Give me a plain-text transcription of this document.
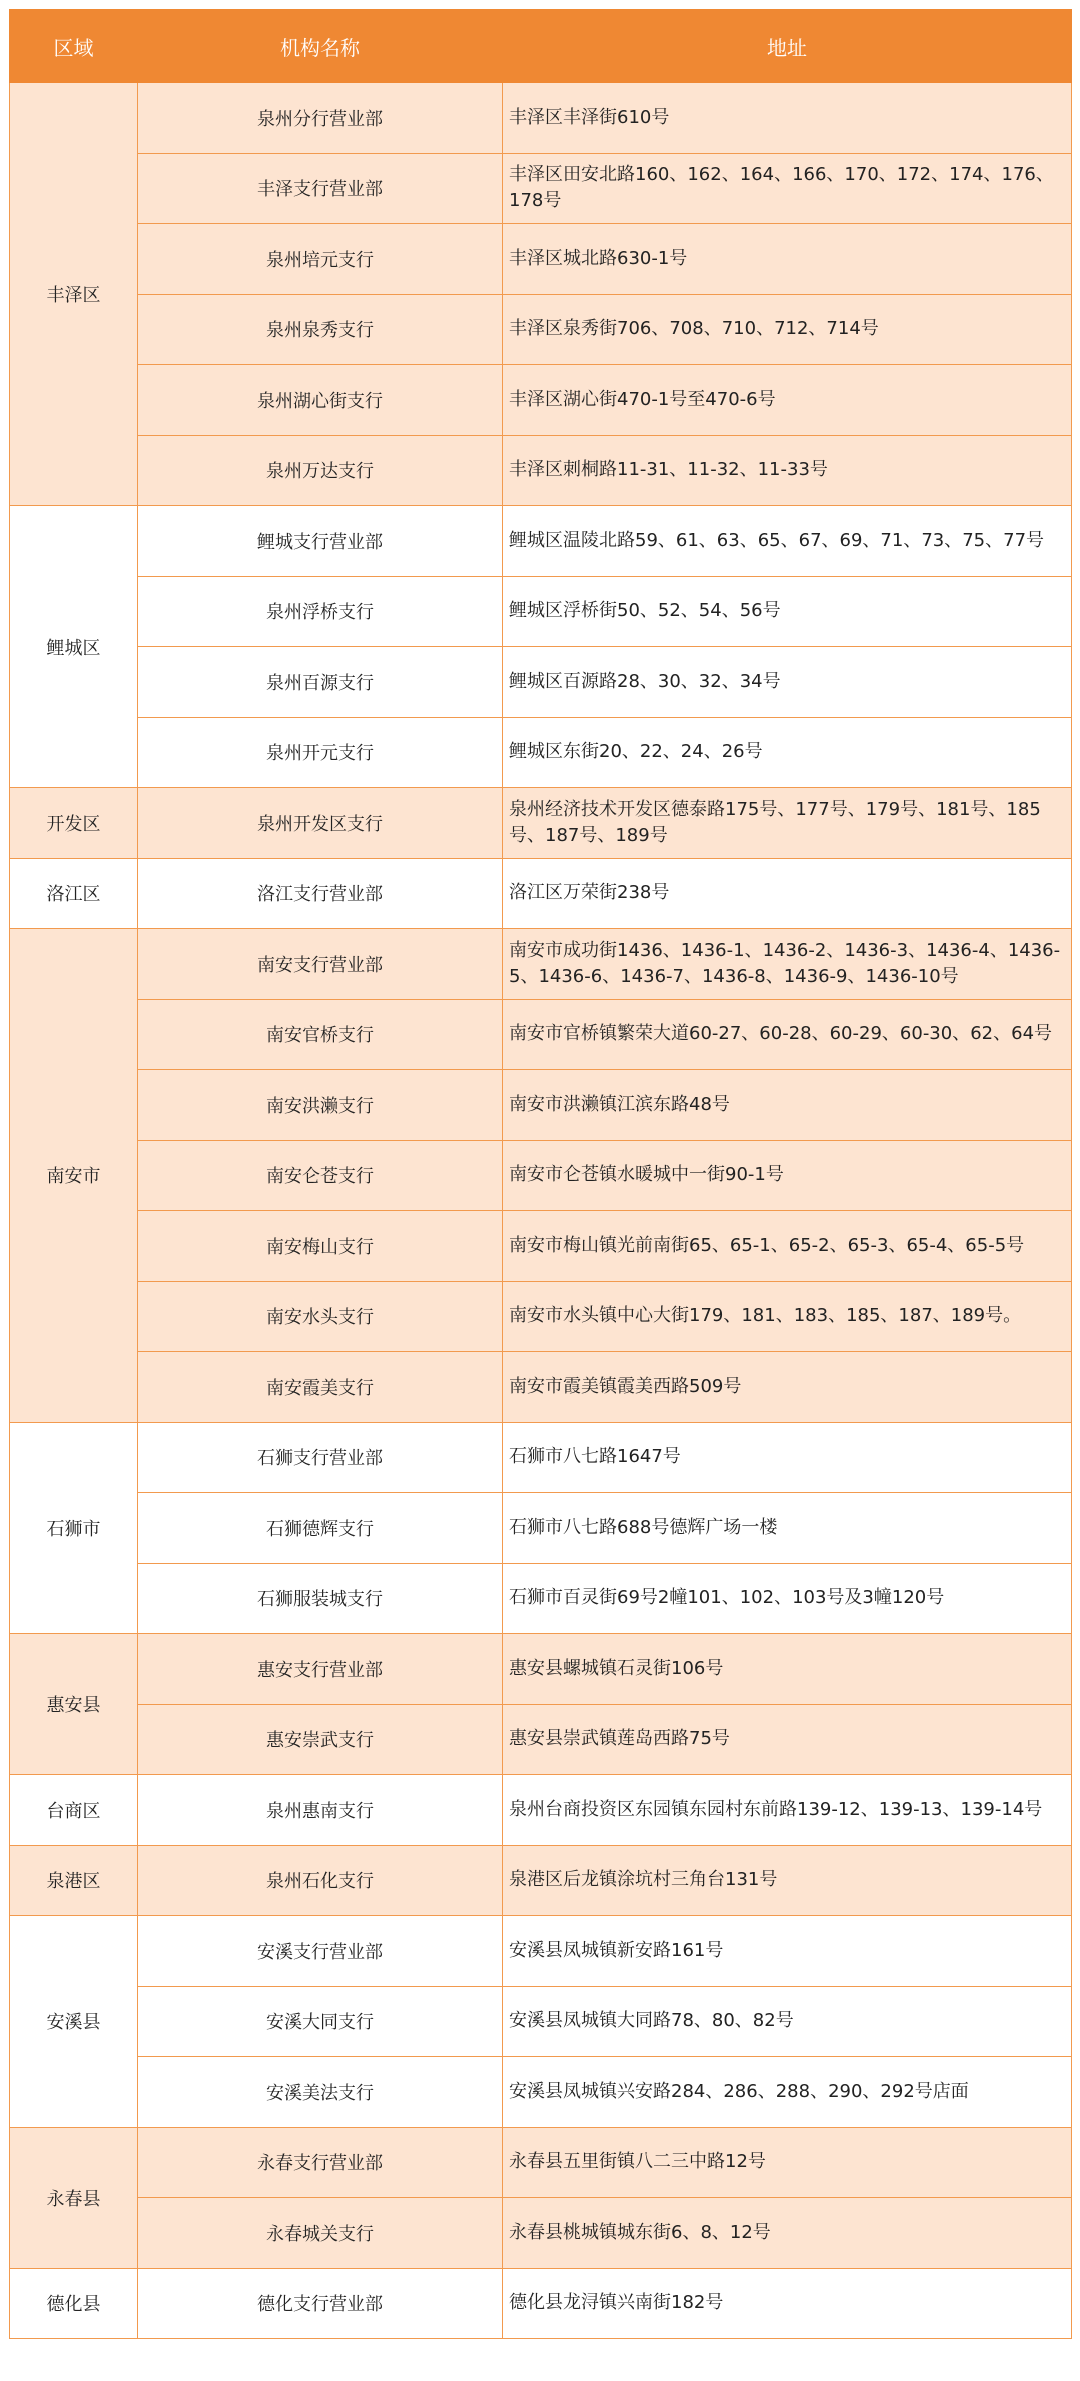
区域	机构名称	地址
丰泽区	泉州分行营业部	丰泽区丰泽街610号
	丰泽支行营业部	丰泽区田安北路160、162、164、166、170、172、174、176、178号
	泉州培元支行	丰泽区城北路630-1号
	泉州泉秀支行	丰泽区泉秀街706、708、710、712、714号
	泉州湖心街支行	丰泽区湖心街470-1号至470-6号
	泉州万达支行	丰泽区刺桐路11-31、11-32、11-33号
鲤城区	鲤城支行营业部	鲤城区温陵北路59、61、63、65、67、69、71、73、75、77号
	泉州浮桥支行	鲤城区浮桥街50、52、54、56号
	泉州百源支行	鲤城区百源路28、30、32、34号
	泉州开元支行	鲤城区东街20、22、24、26号
开发区	泉州开发区支行	泉州经济技术开发区德泰路175号、177号、179号、181号、185号、187号、189号
洛江区	洛江支行营业部	洛江区万荣街238号
南安市	南安支行营业部	南安市成功街1436、1436-1、1436-2、1436-3、1436-4、1436-5、1436-6、1436-7、1436-8、1436-9、1436-10号
	南安官桥支行	南安市官桥镇繁荣大道60-27、60-28、60-29、60-30、62、64号
	南安洪濑支行	南安市洪濑镇江滨东路48号
	南安仑苍支行	南安市仑苍镇水暖城中一街90-1号
	南安梅山支行	南安市梅山镇光前南街65、65-1、65-2、65-3、65-4、65-5号
	南安水头支行	南安市水头镇中心大街179、181、183、185、187、189号。
	南安霞美支行	南安市霞美镇霞美西路509号
石狮市	石狮支行营业部	石狮市八七路1647号
	石狮德辉支行	石狮市八七路688号德辉广场一楼
	石狮服装城支行	石狮市百灵街69号2幢101、102、103号及3幢120号
惠安县	惠安支行营业部	惠安县螺城镇石灵街106号
	惠安崇武支行	惠安县崇武镇莲岛西路75号
台商区	泉州惠南支行	泉州台商投资区东园镇东园村东前路139-12、139-13、139-14号
泉港区	泉州石化支行	泉港区后龙镇涂坑村三角台131号
安溪县	安溪支行营业部	安溪县凤城镇新安路161号
	安溪大同支行	安溪县凤城镇大同路78、80、82号
	安溪美法支行	安溪县凤城镇兴安路284、286、288、290、292号店面
永春县	永春支行营业部	永春县五里街镇八二三中路12号
	永春城关支行	永春县桃城镇城东街6、8、12号
德化县	德化支行营业部	德化县龙浔镇兴南街182号
